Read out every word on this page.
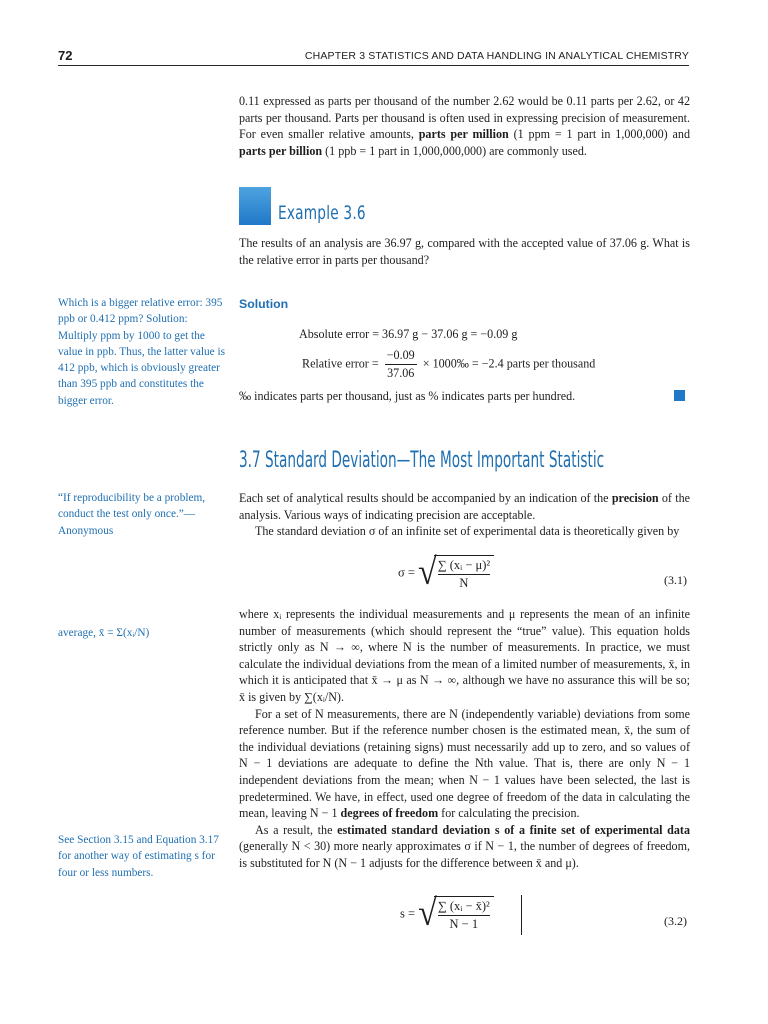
72	CHAPTER 3 STATISTICS AND DATA HANDLING IN ANALYTICAL CHEMISTRY

0.11 expressed as parts per thousand of the number 2.62 would be 0.11 parts per 2.62, or 42 parts per thousand. Parts per thousand is often used in expressing precision of measurement. For even smaller relative amounts, parts per million (1 ppm = 1 part in 1,000,000) and parts per billion (1 ppb = 1 part in 1,000,000,000) are commonly used.

Example 3.6

The results of an analysis are 36.97 g, compared with the accepted value of 37.06 g. What is the relative error in parts per thousand?

Which is a bigger relative error: 395 ppb or 0.412 ppm? Solution: Multiply ppm by 1000 to get the value in ppb. Thus, the latter value is 412 ppb, which is obviously greater than 395 ppb and constitutes the bigger error.
Solution
Absolute error = 36.97 g − 37.06 g = −0.09 g
Relative error = $\frac{-0.09}{37.06}$ × 1000‰ = −2.4 parts per thousand

‰ indicates parts per thousand, just as % indicates parts per hundred.

3.7 Standard Deviation—The Most Important Statistic
“If reproducibility be a problem, conduct the test only once.”—Anonymous

Each set of analytical results should be accompanied by an indication of the precision of the analysis. Various ways of indicating precision are acceptable.

The standard deviation σ of an infinite set of experimental data is theoretically given by

σ = √
$\frac{\text{∑ (xᵢ − μ)²}}{N}$	(3.1)
average, x̄ = Σ(xᵢ/N)

where xᵢ represents the individual measurements and μ represents the mean of an infinite number of measurements (which should represent the “true” value). This equation holds strictly only as N → ∞, where N is the number of measurements. In practice, we must calculate the individual deviations from the mean of a limited number of measurements, x̄, in which it is anticipated that x̄ → μ as N → ∞, although we have no assurance this will be so; x̄ is given by ∑(xᵢ/N).

For a set of N measurements, there are N (independently variable) deviations from some reference number. But if the reference number chosen is the estimated mean, x̄, the sum of the individual deviations (retaining signs) must necessarily add up to zero, and so values of N − 1 deviations are adequate to define the Nth value. That is, there are only N − 1 independent deviations from the mean; when N − 1 values have been selected, the last is predetermined. We have, in effect, used one degree of freedom of the data in calculating the mean, leaving N − 1 degrees of freedom for calculating the precision.

As a result, the estimated standard deviation s of a finite set of experimental data (generally N < 30) more nearly approximates σ if N − 1, the number of degrees of freedom, is substituted for N (N − 1 adjusts for the difference between x̄ and μ).

See Section 3.15 and Equation 3.17 for another way of estimating s for four or less numbers.
s = √
$\frac{\text{∑ (xᵢ − x̄)²}}{N - 1}$	(3.2)
